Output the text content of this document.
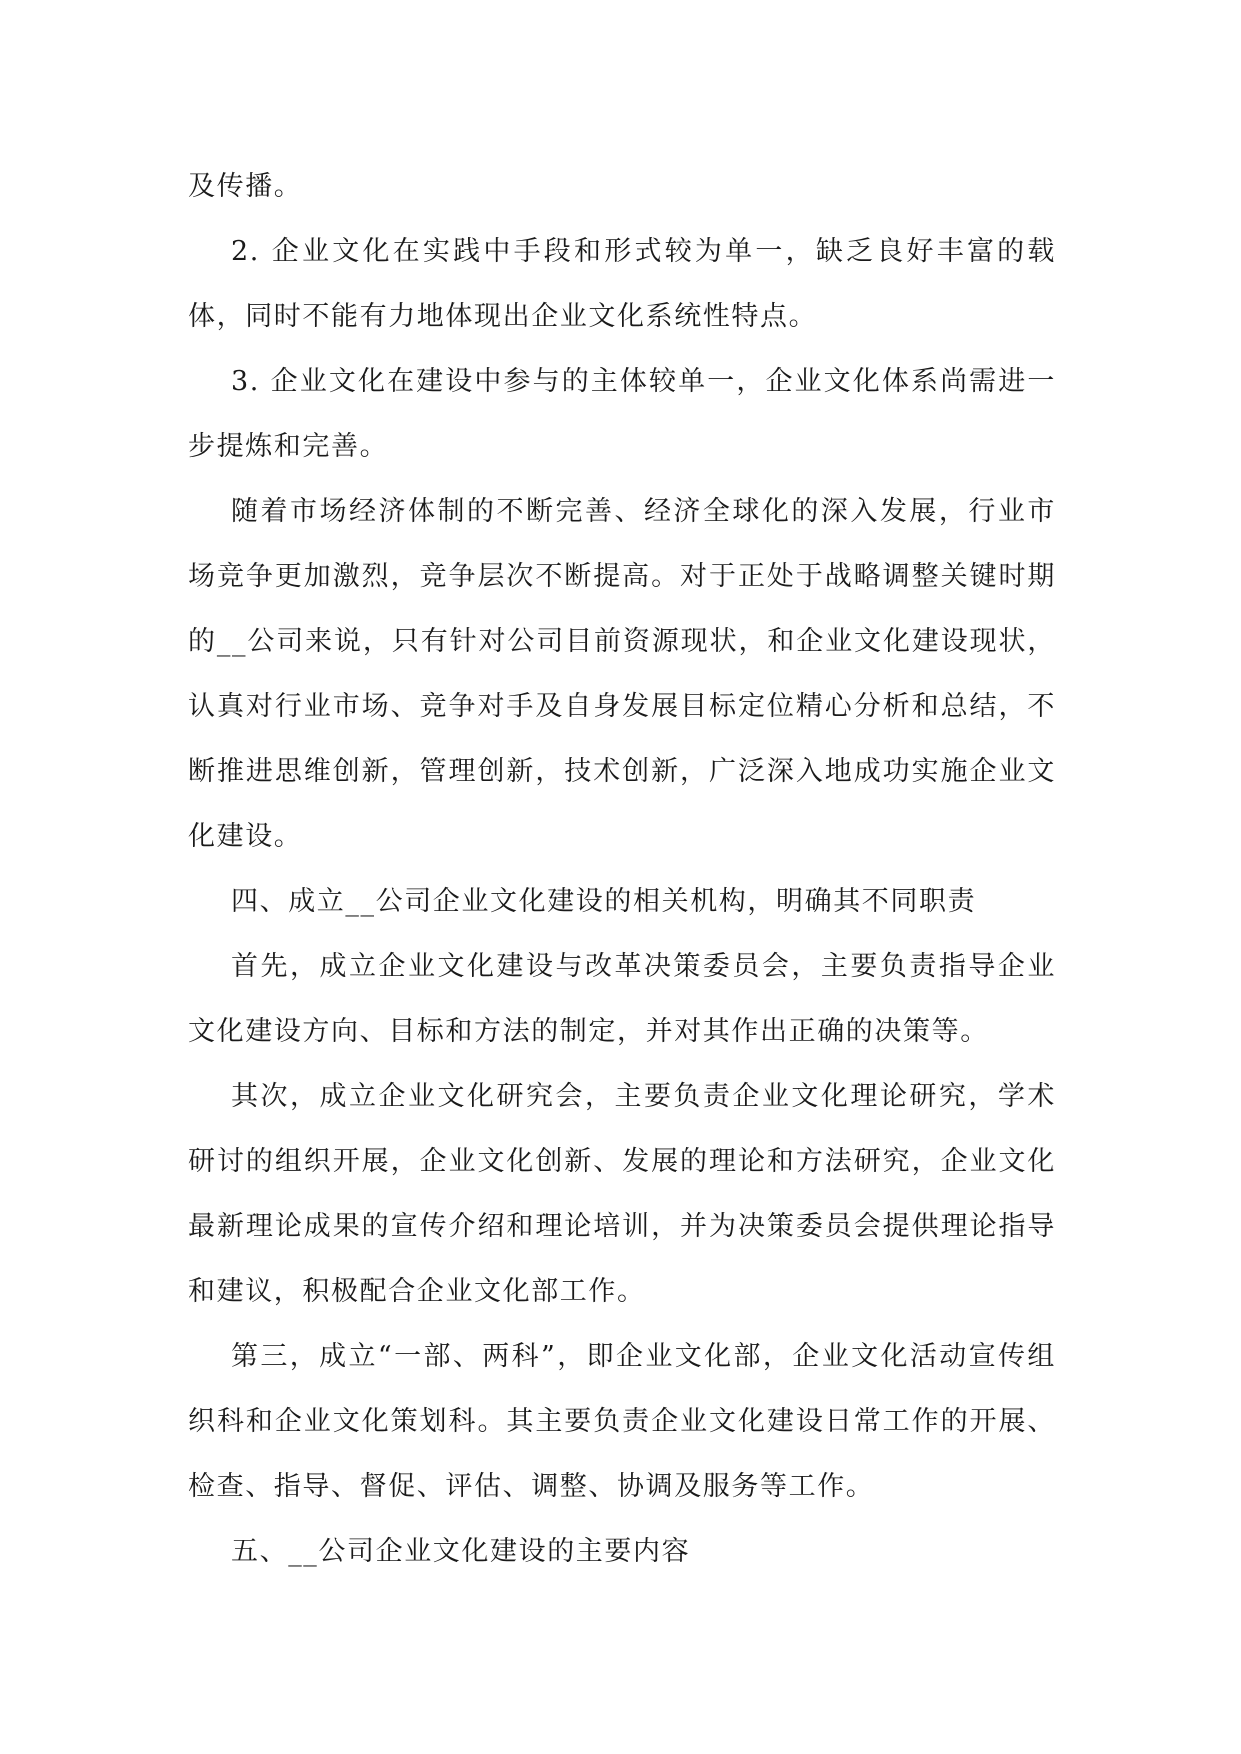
及传播。

2. 企业文化在实践中手段和形式较为单一，缺乏良好丰富的载体，同时不能有力地体现出企业文化系统性特点。

3. 企业文化在建设中参与的主体较单一，企业文化体系尚需进一步提炼和完善。

随着市场经济体制的不断完善、经济全球化的深入发展，行业市场竞争更加激烈，竞争层次不断提高。对于正处于战略调整关键时期的__公司来说，只有针对公司目前资源现状，和企业文化建设现状，认真对行业市场、竞争对手及自身发展目标定位精心分析和总结，不断推进思维创新，管理创新，技术创新，广泛深入地成功实施企业文化建设。

四、成立__公司企业文化建设的相关机构，明确其不同职责

首先，成立企业文化建设与改革决策委员会，主要负责指导企业文化建设方向、目标和方法的制定，并对其作出正确的决策等。

其次，成立企业文化研究会，主要负责企业文化理论研究，学术研讨的组织开展，企业文化创新、发展的理论和方法研究，企业文化最新理论成果的宣传介绍和理论培训，并为决策委员会提供理论指导和建议，积极配合企业文化部工作。

第三，成立“一部、两科”，即企业文化部，企业文化活动宣传组织科和企业文化策划科。其主要负责企业文化建设日常工作的开展、检查、指导、督促、评估、调整、协调及服务等工作。

五、__公司企业文化建设的主要内容
